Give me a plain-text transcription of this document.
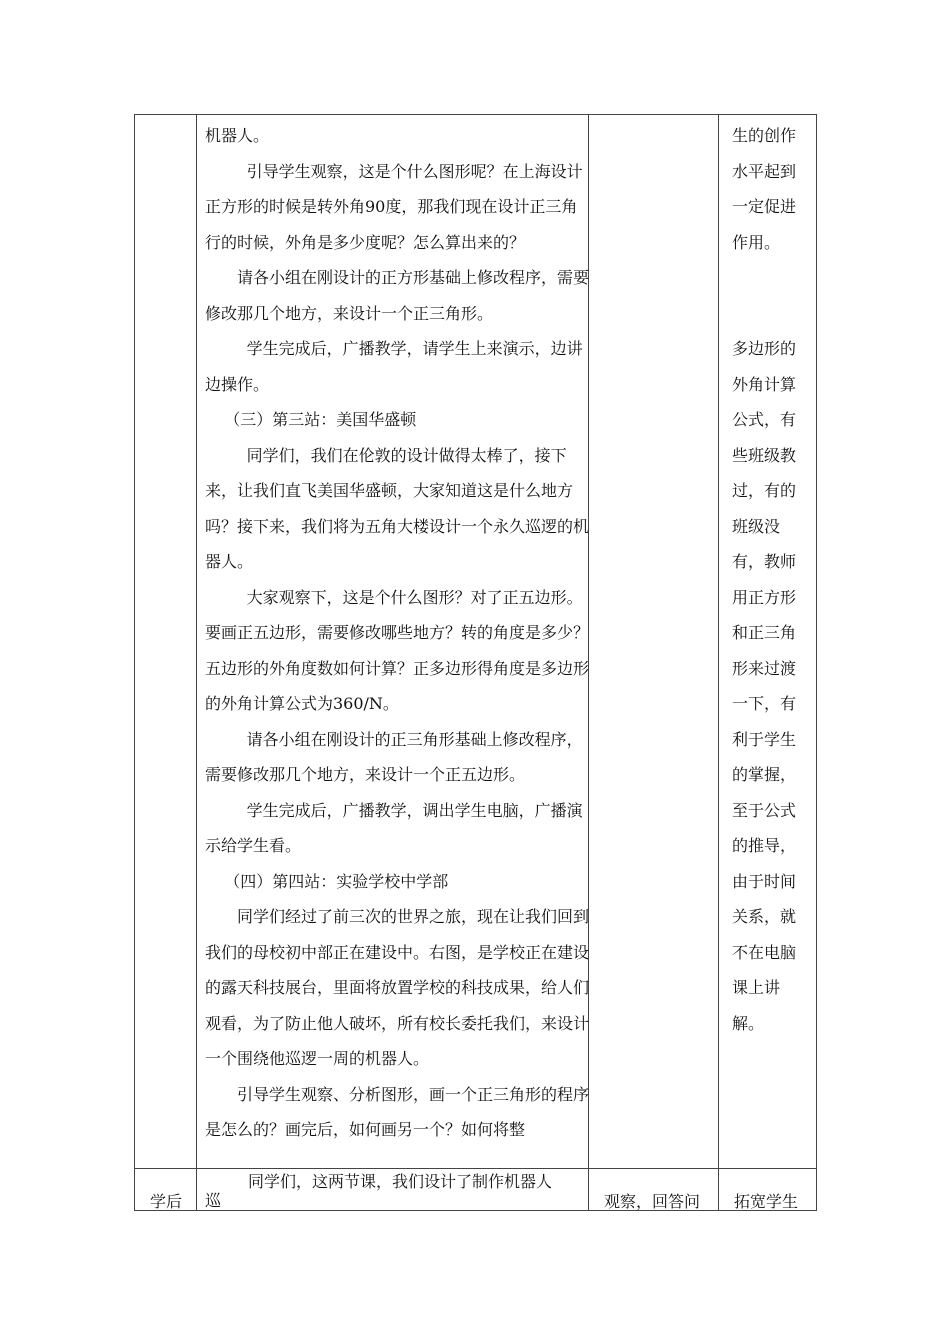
机器人。

引导学生观察，这是个什么图形呢？在上海设计正方形的时候是转外角90度，那我们现在设计正三角行的时候，外角是多少度呢？怎么算出来的？

请各小组在刚设计的正方形基础上修改程序，需要修改那几个地方，来设计一个正三角形。

学生完成后，广播教学，请学生上来演示，边讲边操作。

（三）第三站：美国华盛顿

同学们，我们在伦敦的设计做得太棒了，接下来，让我们直飞美国华盛顿，大家知道这是什么地方吗？接下来，我们将为五角大楼设计一个永久巡逻的机器人。

大家观察下，这是个什么图形？对了正五边形。要画正五边形，需要修改哪些地方？转的角度是多少？五边形的外角度数如何计算？正多边形得角度是多边形的外角计算公式为360/N。

请各小组在刚设计的正三角形基础上修改程序，需要修改那几个地方，来设计一个正五边形。

学生完成后，广播教学，调出学生电脑，广播演示给学生看。

（四）第四站：实验学校中学部

同学们经过了前三次的世界之旅，现在让我们回到我们的母校初中部正在建设中。右图，是学校正在建设的露天科技展台，里面将放置学校的科技成果，给人们观看，为了防止他人破坏，所有校长委托我们，来设计一个围绕他巡逻一周的机器人。

引导学生观察、分析图形，画一个正三角形的程序是怎么的？画完后，如何画另一个？如何将整

生的创作
水平起到
一定促进
作用。
多边形的
外角计算
公式，有
些班级教
过，有的
班级没
有，教师
用正方形
和正三角
形来过渡
一下，有
利于学生
的掌握，
至于公式
的推导，
由于时间
关系，就
不在电脑
课上讲
解。
学后
同学们，这两节课，我们设计了制作机器人
巡	观察，回答问 拓宽学生
